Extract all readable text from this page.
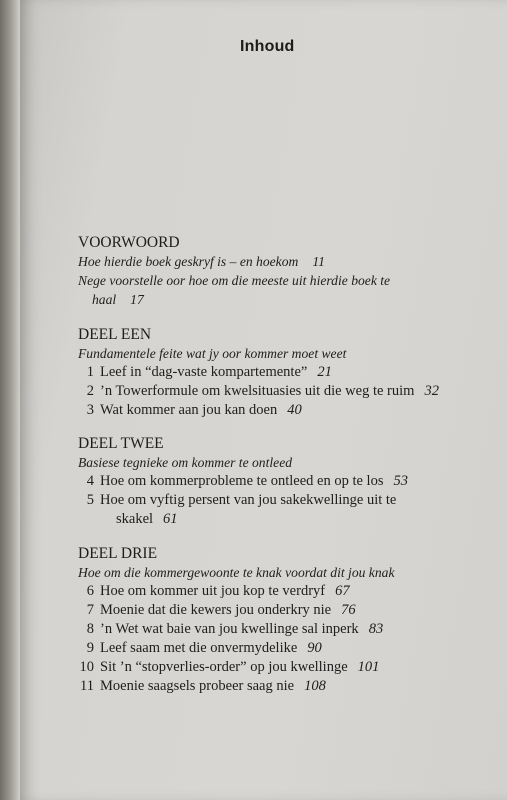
Inhoud
VOORWOORD
Hoe hierdie boek geskryf is – en hoekom 11
Nege voorstelle oor hoe om die meeste uit hierdie boek te
haal 17
DEEL EEN
Fundamentele feite wat jy oor kommer moet weet
1 Leef in “dag-vaste kompartemente” 21
2 ’n Towerformule om kwelsituasies uit die weg te ruim 32
3 Wat kommer aan jou kan doen 40
DEEL TWEE
Basiese tegnieke om kommer te ontleed
4 Hoe om kommerprobleme te ontleed en op te los 53
5 Hoe om vyftig persent van jou sakekwellinge uit te
skakel 61
DEEL DRIE
Hoe om die kommergewoonte te knak voordat dit jou knak
6 Hoe om kommer uit jou kop te verdryf 67
7 Moenie dat die kewers jou onderkry nie 76
8 ’n Wet wat baie van jou kwellinge sal inperk 83
9 Leef saam met die onvermydelike 90
10 Sit ’n “stopverlies-order” op jou kwellinge 101
11 Moenie saagsels probeer saag nie 108
